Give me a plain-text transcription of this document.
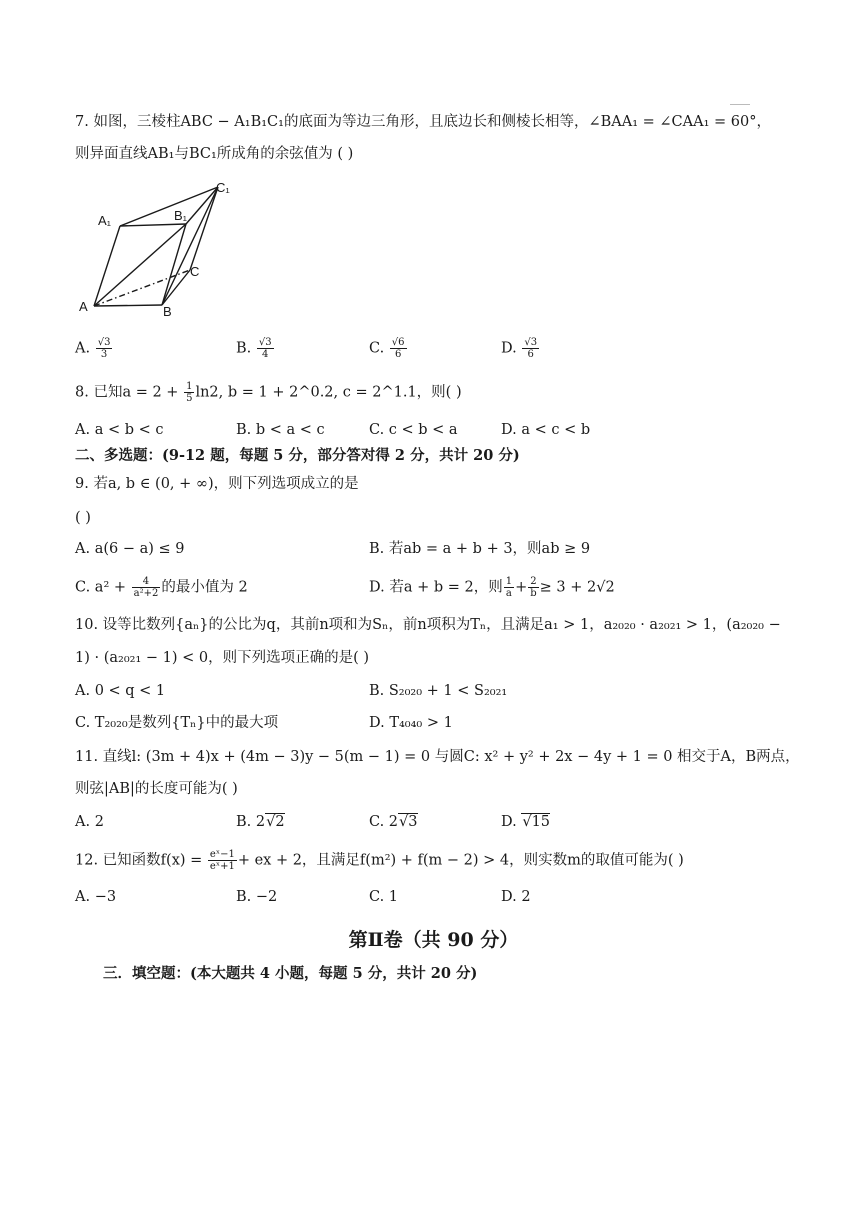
7. 如图，三棱柱ABC − A₁B₁C₁的底面为等边三角形，且底边长和侧棱长相等，∠BAA₁ = ∠CAA₁ = 60°，
则异面直线AB₁与BC₁所成角的余弦值为 ( )
A₁	B₁
C₁
A	B
C
A. $\frac{√3}{3}$	B. $\frac{√3}{4}$	C. $\frac{√6}{6}$	D. $\frac{√3}{6}$
8. 已知$a = 2 + \frac{1}{5} \ln 2$, b = 1 + 2^0.2, c = 2^1.1，则( )
A. a < b < c	B. b < a < c	C. c < b < a	D. a < c < b
二、多选题：(9-12 题，每题 5 分，部分答对得 2 分，共计 20 分)
9. 若a, b ∈ (0, + ∞)，则下列选项成立的是
( )
A. a(6 − a) ≤ 9	B. 若ab = a + b + 3，则ab ≥ 9
C. $a^2 + \frac{4}{\text{a²+2}}$ 的最小值为 2	D. 若a + b = 2，则 $\frac{1}{a} + \frac{2}{b} \ge 3 + 2√2$
10. 设等比数列{aₙ}的公比为q，其前n项和为Sₙ，前n项积为Tₙ，且满足a₁ > 1，a₂₀₂₀ · a₂₀₂₁ > 1，(a₂₀₂₀ −
1) · (a₂₀₂₁ − 1) < 0，则下列选项正确的是( )
A. 0 < q < 1	B. S₂₀₂₀ + 1 < S₂₀₂₁
C. T₂₀₂₀是数列{Tₙ}中的最大项	D. T₄₀₄₀ > 1
11. 直线l: (3m + 4)x + (4m − 3)y − 5(m − 1) = 0 与圆C: x² + y² + 2x − 4y + 1 = 0 相交于A，B两点，
则弦|AB|的长度可能为( )
A. 2	B. 2√2	C. 2√3	D. √15
12. 已知函数$f(x) = \frac{\text{eˣ−1}}{\text{eˣ+1}}$ + ex + 2，且满足f(m²) + f(m − 2) > 4，则实数m的取值可能为( )
A. −3	B. −2	C. 1	D. 2
第Ⅱ卷（共 90 分）
三．填空题：(本大题共 4 小题，每题 5 分，共计 20 分)
